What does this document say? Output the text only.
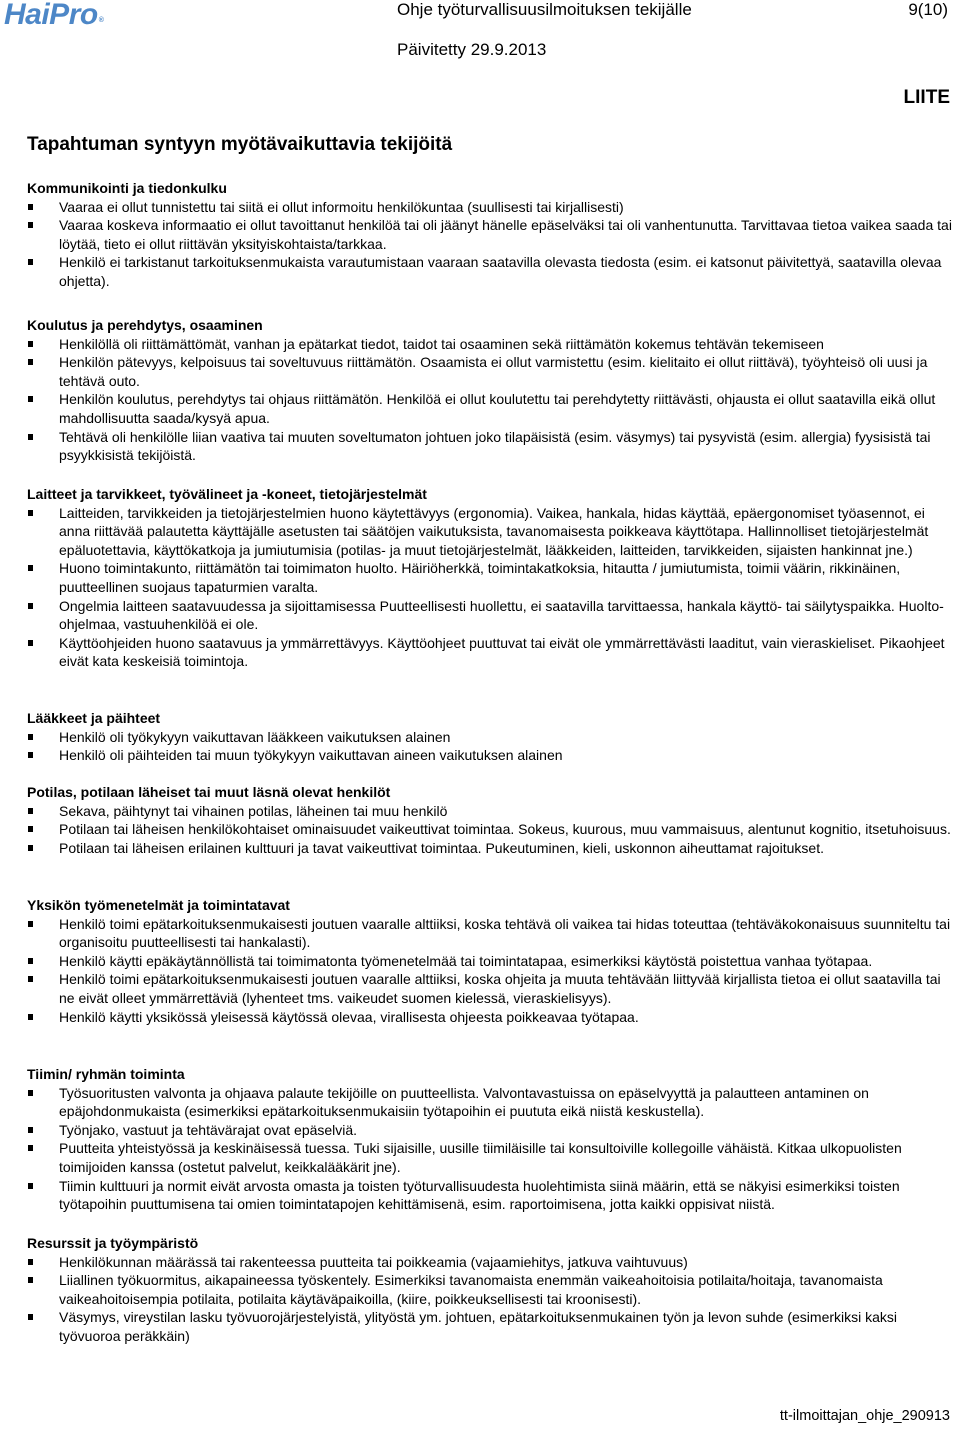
HaiPro®
Ohje työturvallisuusilmoituksen tekijälle	9(10)
Päivitetty 29.9.2013
LIITE
Tapahtuman syntyyn myötävaikuttavia tekijöitä
Kommunikointi ja tiedonkulku
Vaaraa ei ollut tunnistettu tai siitä ei ollut informoitu henkilökuntaa (suullisesti tai kirjallisesti)
Vaaraa koskeva informaatio ei ollut tavoittanut henkilöä tai oli jäänyt hänelle epäselväksi tai oli vanhentunutta. Tarvittavaa tietoa vaikea saada tai löytää, tieto ei ollut riittävän yksityiskohtaista/tarkkaa.
Henkilö ei tarkistanut tarkoituksenmukaista varautumistaan vaaraan saatavilla olevasta tiedosta (esim. ei katsonut päivitettyä, saatavilla olevaa ohjetta).
Koulutus ja perehdytys, osaaminen
Henkilöllä oli riittämättömät, vanhan ja epätarkat tiedot, taidot tai osaaminen sekä riittämätön kokemus tehtävän tekemiseen
Henkilön pätevyys, kelpoisuus tai soveltuvuus riittämätön. Osaamista ei ollut varmistettu (esim. kielitaito ei ollut riittävä), työyhteisö oli uusi ja tehtävä outo.
Henkilön koulutus, perehdytys tai ohjaus riittämätön. Henkilöä ei ollut koulutettu tai perehdytetty riittävästi, ohjausta ei ollut saatavilla eikä ollut mahdollisuutta saada/kysyä apua.
Tehtävä oli henkilölle liian vaativa tai muuten soveltumaton johtuen joko tilapäisistä (esim. väsymys) tai pysyvistä (esim. allergia) fyysisistä tai psyykkisistä tekijöistä.
Laitteet ja tarvikkeet, työvälineet ja -koneet, tietojärjestelmät
Laitteiden, tarvikkeiden ja tietojärjestelmien huono käytettävyys (ergonomia). Vaikea, hankala, hidas käyttää, epäergonomiset työasennot, ei anna riittävää palautetta käyttäjälle asetusten tai säätöjen vaikutuksista, tavanomaisesta poikkeava käyttötapa. Hallinnolliset tietojärjestelmät epäluotettavia, käyttökatkoja ja jumiutumisia (potilas- ja muut tietojärjestelmät, lääkkeiden, laitteiden, tarvikkeiden, sijaisten hankinnat jne.)
Huono toimintakunto, riittämätön tai toimimaton huolto. Häiriöherkkä, toimintakatkoksia, hitautta / jumiutumista, toimii väärin, rikkinäinen, puutteellinen suojaus tapaturmien varalta.
Ongelmia laitteen saatavuudessa ja sijoittamisessa Puutteellisesti huollettu, ei saatavilla tarvittaessa, hankala käyttö- tai säilytyspaikka. Huolto-ohjelmaa, vastuuhenkilöä ei ole.
Käyttöohjeiden huono saatavuus ja ymmärrettävyys. Käyttöohjeet puuttuvat tai eivät ole ymmärrettävästi laaditut, vain vieraskieliset. Pikaohjeet eivät kata keskeisiä toimintoja.
Lääkkeet ja päihteet
Henkilö oli työkykyyn vaikuttavan lääkkeen vaikutuksen alainen
Henkilö oli päihteiden tai muun työkykyyn vaikuttavan aineen vaikutuksen alainen
Potilas, potilaan läheiset tai muut läsnä olevat henkilöt
Sekava, päihtynyt tai vihainen potilas, läheinen tai muu henkilö
Potilaan tai läheisen henkilökohtaiset ominaisuudet vaikeuttivat toimintaa. Sokeus, kuurous, muu vammaisuus, alentunut kognitio, itsetuhoisuus.
Potilaan tai läheisen erilainen kulttuuri ja tavat vaikeuttivat toimintaa. Pukeutuminen, kieli, uskonnon aiheuttamat rajoitukset.
Yksikön työmenetelmät ja toimintatavat
Henkilö toimi epätarkoituksenmukaisesti joutuen vaaralle alttiiksi, koska tehtävä oli vaikea tai hidas toteuttaa (tehtäväkokonaisuus suunniteltu tai organisoitu puutteellisesti tai hankalasti).
Henkilö käytti epäkäytännöllistä tai toimimatonta työmenetelmää tai toimintatapaa, esimerkiksi käytöstä poistettua vanhaa työtapaa.
Henkilö toimi epätarkoituksenmukaisesti joutuen vaaralle alttiiksi, koska ohjeita ja muuta tehtävään liittyvää kirjallista tietoa ei ollut saatavilla tai ne eivät olleet ymmärrettäviä (lyhenteet tms. vaikeudet suomen kielessä, vieraskielisyys).
Henkilö käytti yksikössä yleisessä käytössä olevaa, virallisesta ohjeesta poikkeavaa työtapaa.
Tiimin/ ryhmän toiminta
Työsuoritusten valvonta ja ohjaava palaute tekijöille on puutteellista. Valvontavastuissa on epäselvyyttä ja palautteen antaminen on epäjohdonmukaista (esimerkiksi epätarkoituksenmukaisiin työtapoihin ei puututa eikä niistä keskustella).
Työnjako, vastuut ja tehtävärajat ovat epäselviä.
Puutteita yhteistyössä ja keskinäisessä tuessa. Tuki sijaisille, uusille tiimiläisille tai konsultoiville kollegoille vähäistä. Kitkaa ulkopuolisten toimijoiden kanssa (ostetut palvelut, keikkalääkärit jne).
Tiimin kulttuuri ja normit eivät arvosta omasta ja toisten työturvallisuudesta huolehtimista siinä määrin, että se näkyisi esimerkiksi toisten työtapoihin puuttumisena tai omien toimintatapojen kehittämisenä, esim. raportoimisena, jotta kaikki oppisivat niistä.
Resurssit ja työympäristö
Henkilökunnan määrässä tai rakenteessa puutteita tai poikkeamia (vajaamiehitys, jatkuva vaihtuvuus)
Liiallinen työkuormitus, aikapaineessa työskentely. Esimerkiksi tavanomaista enemmän vaikeahoitoisia potilaita/hoitaja, tavanomaista vaikeahoitoisempia potilaita, potilaita käytäväpaikoilla, (kiire, poikkeuksellisesti tai kroonisesti).
Väsymys, vireystilan lasku työvuorojärjestelyistä, ylityöstä ym. johtuen, epätarkoituksenmukainen työn ja levon suhde (esimerkiksi kaksi työvuoroa peräkkäin)
tt-ilmoittajan_ohje_290913
